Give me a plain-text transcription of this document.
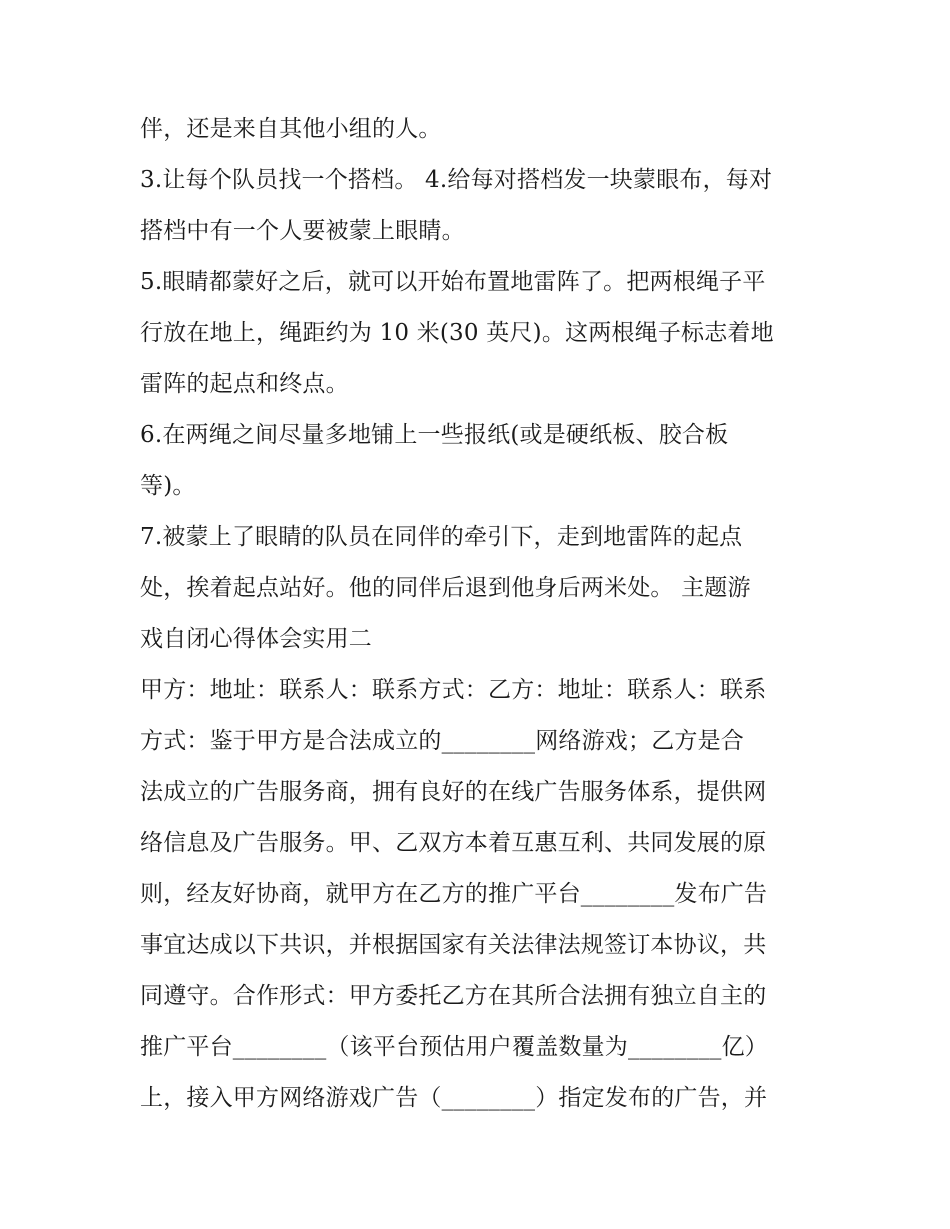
伴，还是来自其他小组的人。
3.让每个队员找一个搭档。 4.给每对搭档发一块蒙眼布，每对
搭档中有一个人要被蒙上眼睛。
5.眼睛都蒙好之后，就可以开始布置地雷阵了。把两根绳子平
行放在地上，绳距约为 10 米(30 英尺)。这两根绳子标志着地
雷阵的起点和终点。
6.在两绳之间尽量多地铺上一些报纸(或是硬纸板、胶合板
等)。
7.被蒙上了眼睛的队员在同伴的牵引下，走到地雷阵的起点
处，挨着起点站好。他的同伴后退到他身后两米处。 主题游
戏自闭心得体会实用二
甲方：地址：联系人：联系方式：乙方：地址：联系人：联系
方式：鉴于甲方是合法成立的________网络游戏；乙方是合
法成立的广告服务商，拥有良好的在线广告服务体系，提供网
络信息及广告服务。甲、乙双方本着互惠互利、共同发展的原
则，经友好协商，就甲方在乙方的推广平台________发布广告
事宜达成以下共识，并根据国家有关法律法规签订本协议，共
同遵守。合作形式：甲方委托乙方在其所合法拥有独立自主的
推广平台________（该平台预估用户覆盖数量为________亿）
上，接入甲方网络游戏广告（________）指定发布的广告，并
